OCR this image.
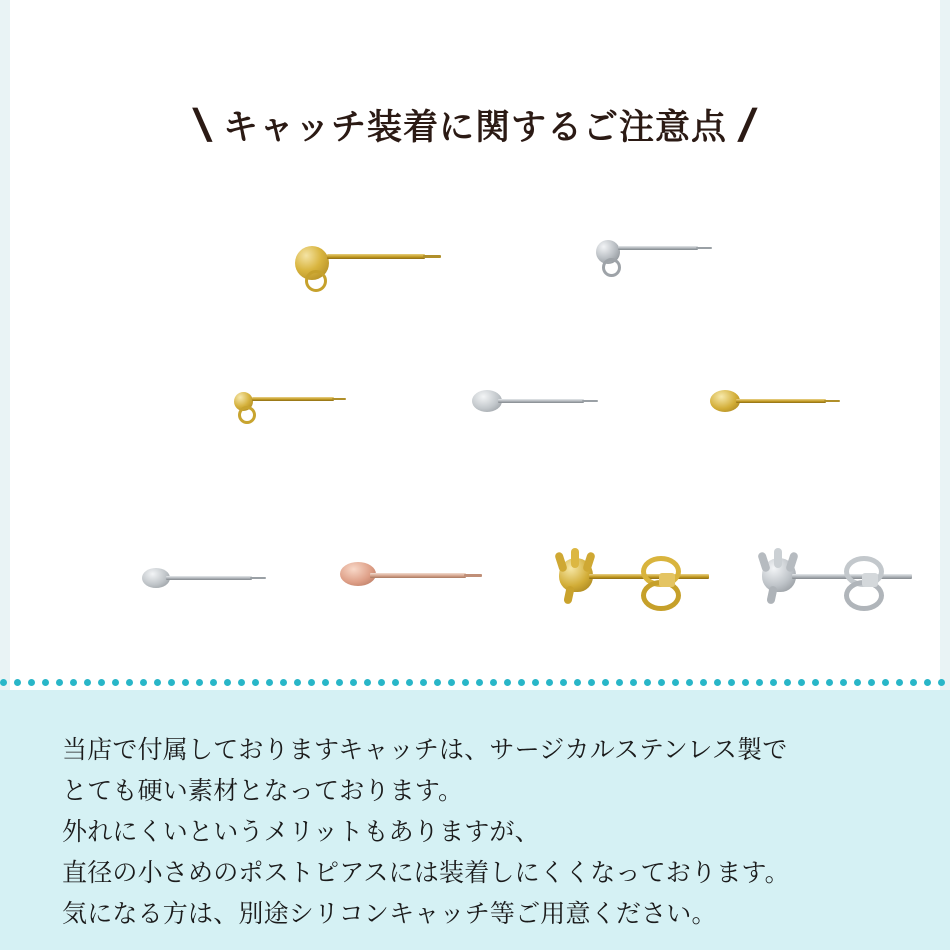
\ キャッチ装着に関するご注意点 /
当店で付属しておりますキャッチは、サージカルステンレス製で
とても硬い素材となっております。
外れにくいというメリットもありますが、
直径の小さめのポストピアスには装着しにくくなっております。
気になる方は、別途シリコンキャッチ等ご用意ください。
